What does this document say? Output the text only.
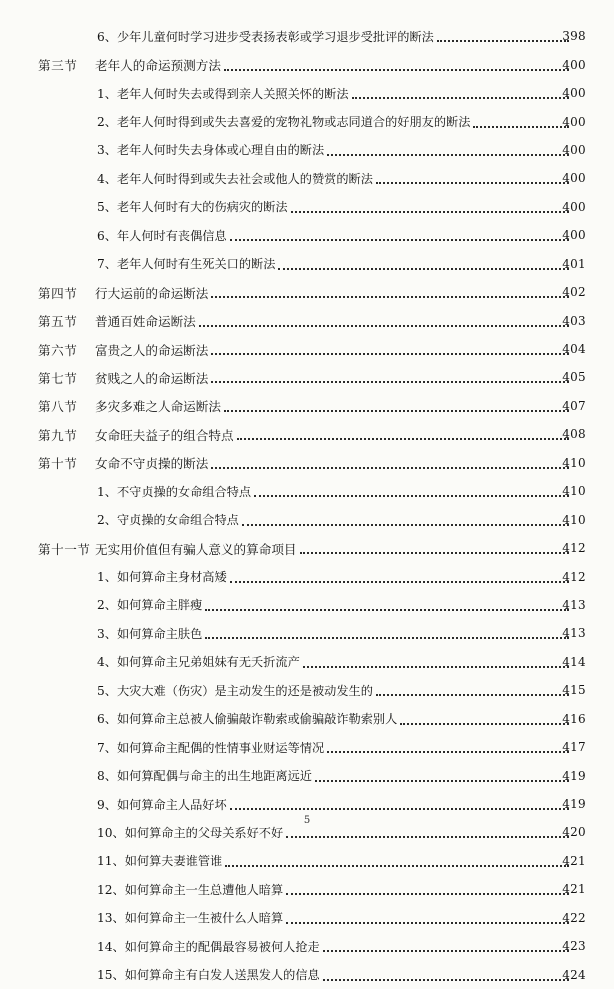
6、少年儿童何时学习进步受表扬表彰或学习退步受批评的断法	398
第三节 老年人的命运预测方法	400
1、老年人何时失去或得到亲人关照关怀的断法	400
2、老年人何时得到或失去喜爱的宠物礼物或志同道合的好朋友的断法	400
3、老年人何时失去身体或心理自由的断法	400
4、老年人何时得到或失去社会或他人的赞赏的断法	400
5、老年人何时有大的伤病灾的断法	400
6、年人何时有丧偶信息	400
7、老年人何时有生死关口的断法	401
第四节 行大运前的命运断法	402
第五节 普通百姓命运断法	403
第六节 富贵之人的命运断法	404
第七节 贫贱之人的命运断法	405
第八节 多灾多难之人命运断法	407
第九节 女命旺夫益子的组合特点	408
第十节 女命不守贞操的断法	410
1、不守贞操的女命组合特点	410
2、守贞操的女命组合特点	410
第十一节 无实用价值但有骗人意义的算命项目	412
1、如何算命主身材高矮	412
2、如何算命主胖瘦	413
3、如何算命主肤色	413
4、如何算命主兄弟姐妹有无夭折流产	414
5、大灾大难（伤灾）是主动发生的还是被动发生的	415
6、如何算命主总被人偷骗敲诈勒索或偷骗敲诈勒索别人	416
7、如何算命主配偶的性情事业财运等情况	417
8、如何算配偶与命主的出生地距离远近	419
9、如何算命主人品好坏	419
10、如何算命主的父母关系好不好	420
11、如何算夫妻谁管谁	421
12、如何算命主一生总遭他人暗算	421
13、如何算命主一生被什么人暗算	422
14、如何算命主的配偶最容易被何人抢走	423
15、如何算命主有白发人送黑发人的信息	424
5
